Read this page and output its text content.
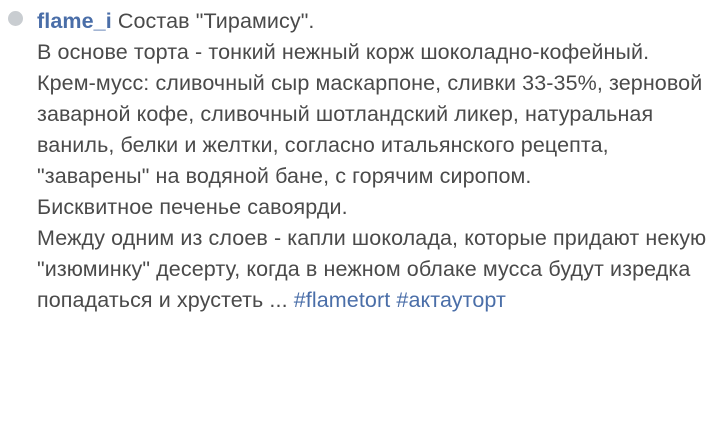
flame_i Состав "Тирамису".
В основе торта - тонкий нежный корж шоколадно-кофейный.
Крем-мусс: сливочный сыр маскарпоне, сливки 33-35%, зерновой заварной кофе, сливочный шотландский ликер, натуральная ваниль, белки и желтки, согласно итальянского рецепта, "заварены" на водяной бане, с горячим сиропом.
Бисквитное печенье савоярди.
Между одним из слоев - капли шоколада, которые придают некую "изюминку" десерту, когда в нежном облаке мусса будут изредка попадаться и хрустеть ... #flametort #актауторт
